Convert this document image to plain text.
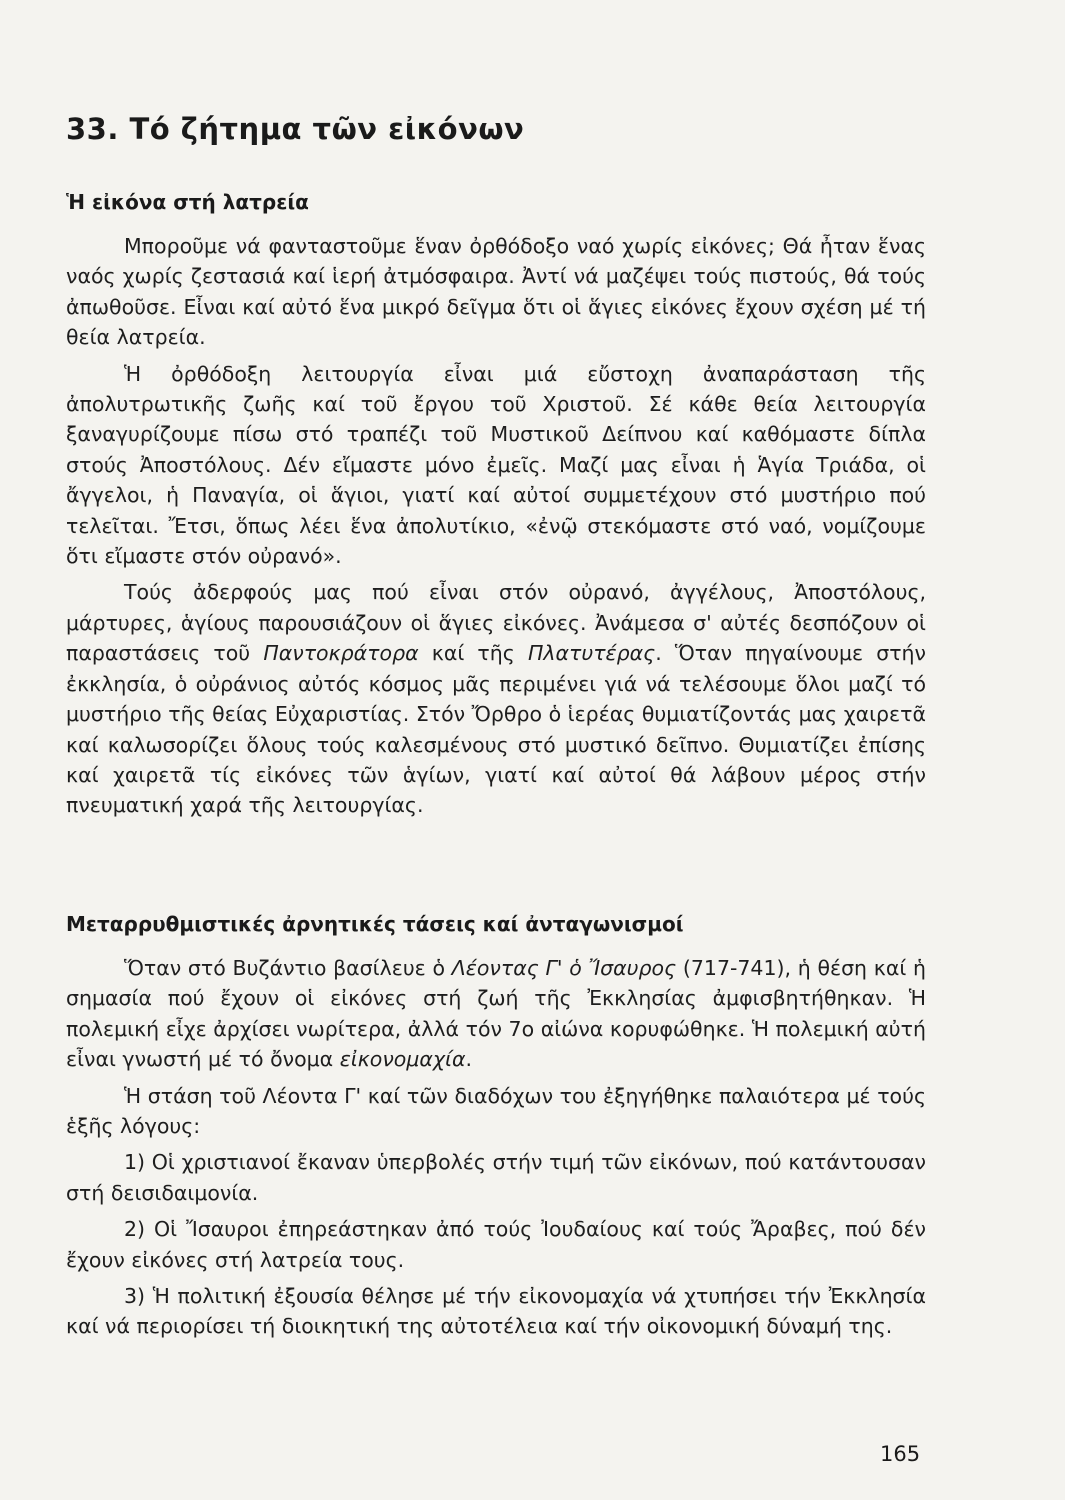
33. Τό ζήτημα τῶν εἰκόνων
Ἡ εἰκόνα στή λατρεία

Μποροῦμε νά φανταστοῦμε ἕναν ὀρθόδοξο ναό χωρίς εἰκόνες; Θά ἦταν ἕνας ναός χωρίς ζεστασιά καί ἱερή ἀτμόσφαιρα. Ἀντί νά μαζέψει τούς πιστούς, θά τούς ἀπωθοῦσε. Εἶναι καί αὐτό ἕνα μικρό δεῖγμα ὅτι οἱ ἅγιες εἰκόνες ἔχουν σχέση μέ τή θεία λατρεία.

Ἡ ὀρθόδοξη λειτουργία εἶναι μιά εὔστοχη ἀναπαράσταση τῆς ἀπολυτρωτικῆς ζωῆς καί τοῦ ἔργου τοῦ Χριστοῦ. Σέ κάθε θεία λειτουργία ξαναγυρίζουμε πίσω στό τραπέζι τοῦ Μυστικοῦ Δείπνου καί καθόμαστε δίπλα στούς Ἀποστόλους. Δέν εἴμαστε μόνο ἐμεῖς. Μαζί μας εἶναι ἡ Ἁγία Τριάδα, οἱ ἄγγελοι, ἡ Παναγία, οἱ ἅγιοι, γιατί καί αὐτοί συμμετέχουν στό μυστήριο πού τελεῖται. Ἔτσι, ὅπως λέει ἕνα ἀπολυτίκιο, «ἐνῷ στεκόμαστε στό ναό, νομίζουμε ὅτι εἴμαστε στόν οὐρανό».

Τούς ἀδερφούς μας πού εἶναι στόν οὐρανό, ἀγγέλους, Ἀποστόλους, μάρτυρες, ἁγίους παρουσιάζουν οἱ ἅγιες εἰκόνες. Ἀνάμεσα σ' αὐτές δεσπόζουν οἱ παραστάσεις τοῦ Παντοκράτορα καί τῆς Πλατυτέρας. Ὅταν πηγαίνουμε στήν ἐκκλησία, ὁ οὐράνιος αὐτός κόσμος μᾶς περιμένει γιά νά τελέσουμε ὅλοι μαζί τό μυστήριο τῆς θείας Εὐχαριστίας. Στόν Ὄρθρο ὁ ἱερέας θυμιατίζοντάς μας χαιρετᾶ καί καλωσορίζει ὅλους τούς καλεσμένους στό μυστικό δεῖπνο. Θυμιατίζει ἐπίσης καί χαιρετᾶ τίς εἰκόνες τῶν ἁγίων, γιατί καί αὐτοί θά λάβουν μέρος στήν πνευματική χαρά τῆς λειτουργίας.

Μεταρρυθμιστικές ἀρνητικές τάσεις καί ἀνταγωνισμοί

Ὅταν στό Βυζάντιο βασίλευε ὁ Λέοντας Γ' ὁ Ἴσαυρος (717-741), ἡ θέση καί ἡ σημασία πού ἔχουν οἱ εἰκόνες στή ζωή τῆς Ἐκκλησίας ἀμφισβητήθηκαν. Ἡ πολεμική εἶχε ἀρχίσει νωρίτερα, ἀλλά τόν 7ο αἰώνα κορυφώθηκε. Ἡ πολεμική αὐτή εἶναι γνωστή μέ τό ὄνομα εἰκονομαχία.

Ἡ στάση τοῦ Λέοντα Γ' καί τῶν διαδόχων του ἐξηγήθηκε παλαιότερα μέ τούς ἑξῆς λόγους:

1) Οἱ χριστιανοί ἔκαναν ὑπερβολές στήν τιμή τῶν εἰκόνων, πού κατάντουσαν στή δεισιδαιμονία.

2) Οἱ Ἴσαυροι ἐπηρεάστηκαν ἀπό τούς Ἰουδαίους καί τούς Ἄραβες, πού δέν ἔχουν εἰκόνες στή λατρεία τους.

3) Ἡ πολιτική ἐξουσία θέλησε μέ τήν εἰκονομαχία νά χτυπήσει τήν Ἐκκλησία καί νά περιορίσει τή διοικητική της αὐτοτέλεια καί τήν οἰκονομική δύναμή της.

165
